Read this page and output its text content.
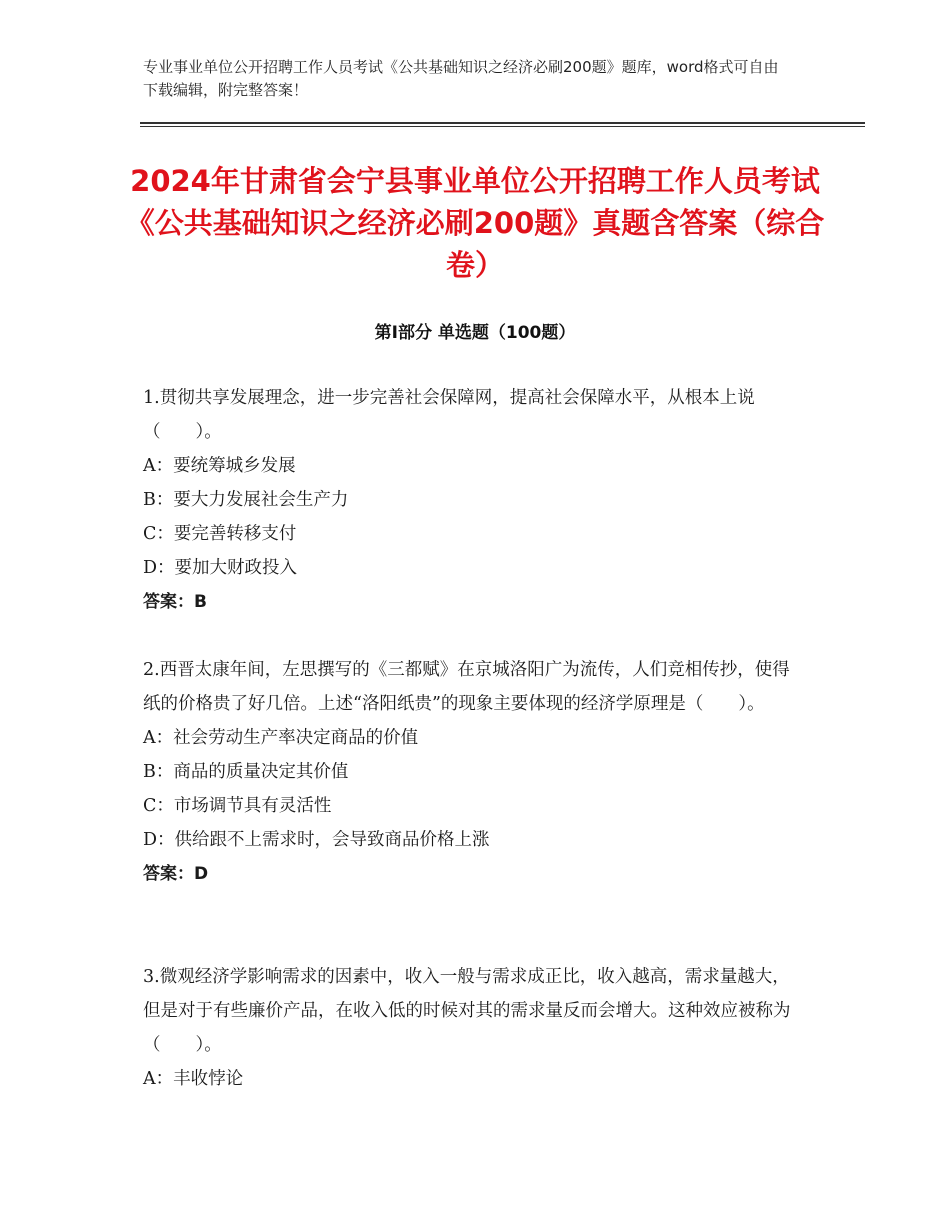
专业事业单位公开招聘工作人员考试《公共基础知识之经济必刷200题》题库，word格式可自由下载编辑，附完整答案！
2024年甘肃省会宁县事业单位公开招聘工作人员考试《公共基础知识之经济必刷200题》真题含答案（综合卷）
第Ⅰ部分 单选题（100题）
1.贯彻共享发展理念，进一步完善社会保障网，提高社会保障水平，从根本上说（　　）。
A：要统筹城乡发展
B：要大力发展社会生产力
C：要完善转移支付
D：要加大财政投入
答案：B
2.西晋太康年间，左思撰写的《三都赋》在京城洛阳广为流传，人们竞相传抄，使得纸的价格贵了好几倍。上述“洛阳纸贵”的现象主要体现的经济学原理是（　　）。
A：社会劳动生产率决定商品的价值
B：商品的质量决定其价值
C：市场调节具有灵活性
D：供给跟不上需求时，会导致商品价格上涨
答案：D
3.微观经济学影响需求的因素中，收入一般与需求成正比，收入越高，需求量越大，但是对于有些廉价产品，在收入低的时候对其的需求量反而会增大。这种效应被称为（　　）。
A：丰收悖论
